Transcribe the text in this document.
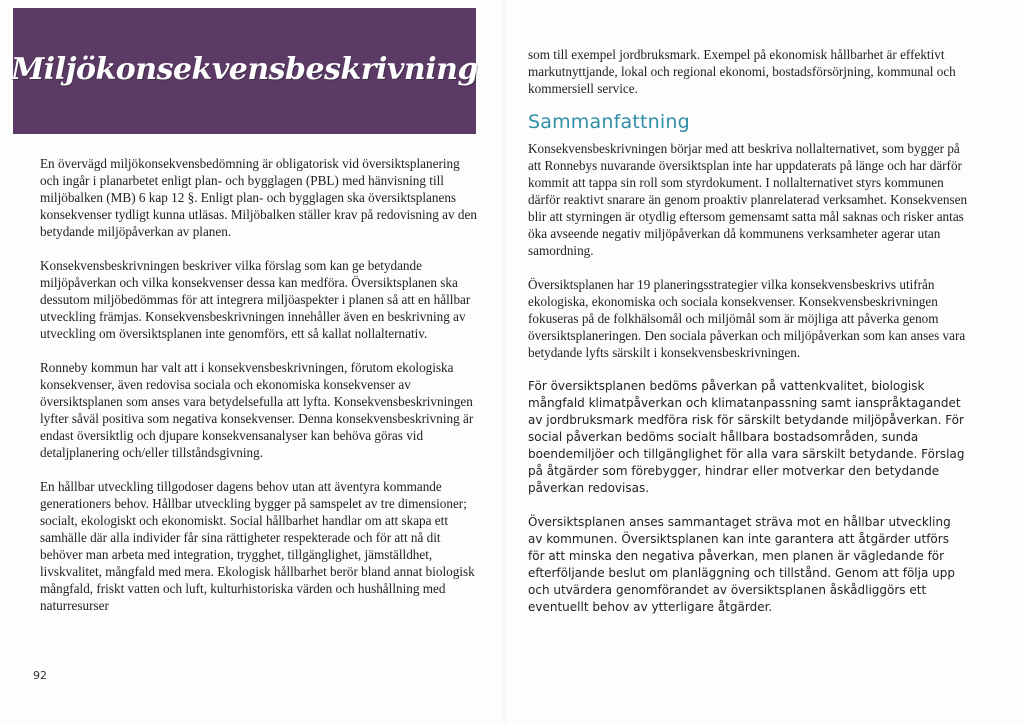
Miljökonsekvensbeskrivning

En övervägd miljökonsekvensbedömning är obligatorisk vid översiktsplanering och ingår i planarbetet enligt plan- och bygglagen (PBL) med hänvisning till miljöbalken (MB) 6 kap 12 §. Enligt plan- och bygglagen ska översiktsplanens konsekvenser tydligt kunna utläsas. Miljöbalken ställer krav på redovisning av den betydande miljöpåverkan av planen.

Konsekvensbeskrivningen beskriver vilka förslag som kan ge betydande miljöpåverkan och vilka konsekvenser dessa kan medföra. Översiktsplanen ska dessutom miljöbedömmas för att integrera miljöaspekter i planen så att en hållbar utveckling främjas. Konsekvensbeskrivningen innehåller även en beskrivning av utveckling om översiktsplanen inte genomförs, ett så kallat nollalternativ.

Ronneby kommun har valt att i konsekvensbeskrivningen, förutom ekologiska konsekvenser, även redovisa sociala och ekonomiska konsekvenser av översiktsplanen som anses vara betydelsefulla att lyfta. Konsekvensbeskrivningen lyfter såväl positiva som negativa konsekvenser. Denna konsekvensbeskrivning är endast översiktlig och djupare konsekvensanalyser kan behöva göras vid detaljplanering och/eller tillståndsgivning.

En hållbar utveckling tillgodoser dagens behov utan att äventyra kommande generationers behov. Hållbar utveckling bygger på samspelet av tre dimensioner; socialt, ekologiskt och ekonomiskt. Social hållbarhet handlar om att skapa ett samhälle där alla individer får sina rättigheter respekterade och för att nå dit behöver man arbeta med integration, trygghet, tillgänglighet, jämställdhet, livskvalitet, mångfald med mera. Ekologisk hållbarhet berör bland annat biologisk mångfald, friskt vatten och luft, kulturhistoriska värden och hushållning med naturresurser

som till exempel jordbruksmark. Exempel på ekonomisk hållbarhet är effektivt markutnyttjande, lokal och regional ekonomi, bostadsförsörjning, kommunal och kommersiell service.

Sammanfattning

Konsekvensbeskrivningen börjar med att beskriva nollalternativet, som bygger på att Ronnebys nuvarande översiktsplan inte har uppdaterats på länge och har därför kommit att tappa sin roll som styrdokument. I nollalternativet styrs kommunen därför reaktivt snarare än genom proaktiv planrelaterad verksamhet. Konsekvensen blir att styrningen är otydlig eftersom gemensamt satta mål saknas och risker antas öka avseende negativ miljöpåverkan då kommunens verksamheter agerar utan samordning.

Översiktsplanen har 19 planeringsstrategier vilka konsekvensbeskrivs utifrån ekologiska, ekonomiska och sociala konsekvenser. Konsekvensbeskrivningen fokuseras på de folkhälsomål och miljömål som är möjliga att påverka genom översiktsplaneringen. Den sociala påverkan och miljöpåverkan som kan anses vara betydande lyfts särskilt i konsekvensbeskrivningen.

För översiktsplanen bedöms påverkan på vattenkvalitet, biologisk mångfald klimatpåverkan och klimatanpassning samt ianspråktagandet av jordbruksmark medföra risk för särskilt betydande miljöpåverkan. För social påverkan bedöms socialt hållbara bostadsområden, sunda boendemiljöer och tillgänglighet för alla vara särskilt betydande. Förslag på åtgärder som förebygger, hindrar eller motverkar den betydande påverkan redovisas.

Översiktsplanen anses sammantaget sträva mot en hållbar utveckling av kommunen. Översiktsplanen kan inte garantera att åtgärder utförs för att minska den negativa påverkan, men planen är vägledande för efterföljande beslut om planläggning och tillstånd. Genom att följa upp och utvärdera genomförandet av översiktsplanen åskådliggörs ett eventuellt behov av ytterligare åtgärder.

92
